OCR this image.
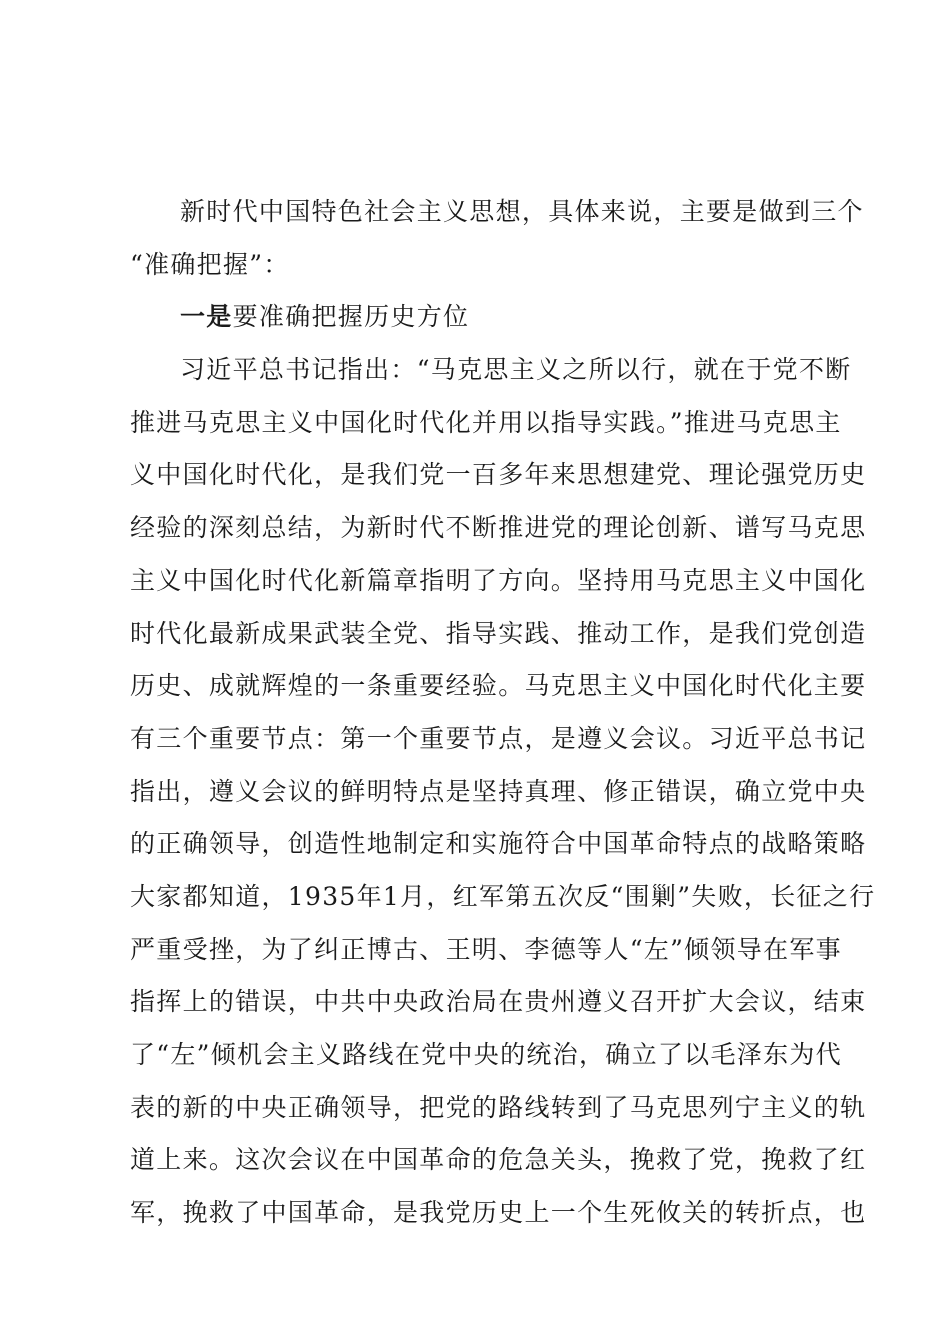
新时代中国特色社会主义思想，具体来说，主要是做到三个
“准确把握”：
一是要准确把握历史方位
习近平总书记指出：“马克思主义之所以行，就在于党不断
推进马克思主义中国化时代化并用以指导实践。”推进马克思主
义中国化时代化，是我们党一百多年来思想建党、理论强党历史
经验的深刻总结，为新时代不断推进党的理论创新、谱写马克思
主义中国化时代化新篇章指明了方向。坚持用马克思主义中国化
时代化最新成果武装全党、指导实践、推动工作，是我们党创造
历史、成就辉煌的一条重要经验。马克思主义中国化时代化主要
有三个重要节点：第一个重要节点，是遵义会议。习近平总书记
指出，遵义会议的鲜明特点是坚持真理、修正错误，确立党中央
的正确领导，创造性地制定和实施符合中国革命特点的战略策略
大家都知道，1935年1月，红军第五次反“围剿”失败，长征之行
严重受挫，为了纠正博古、王明、李德等人“左”倾领导在军事
指挥上的错误，中共中央政治局在贵州遵义召开扩大会议，结束
了“左”倾机会主义路线在党中央的统治，确立了以毛泽东为代
表的新的中央正确领导，把党的路线转到了马克思列宁主义的轨
道上来。这次会议在中国革命的危急关头，挽救了党，挽救了红
军，挽救了中国革命，是我党历史上一个生死攸关的转折点，也
